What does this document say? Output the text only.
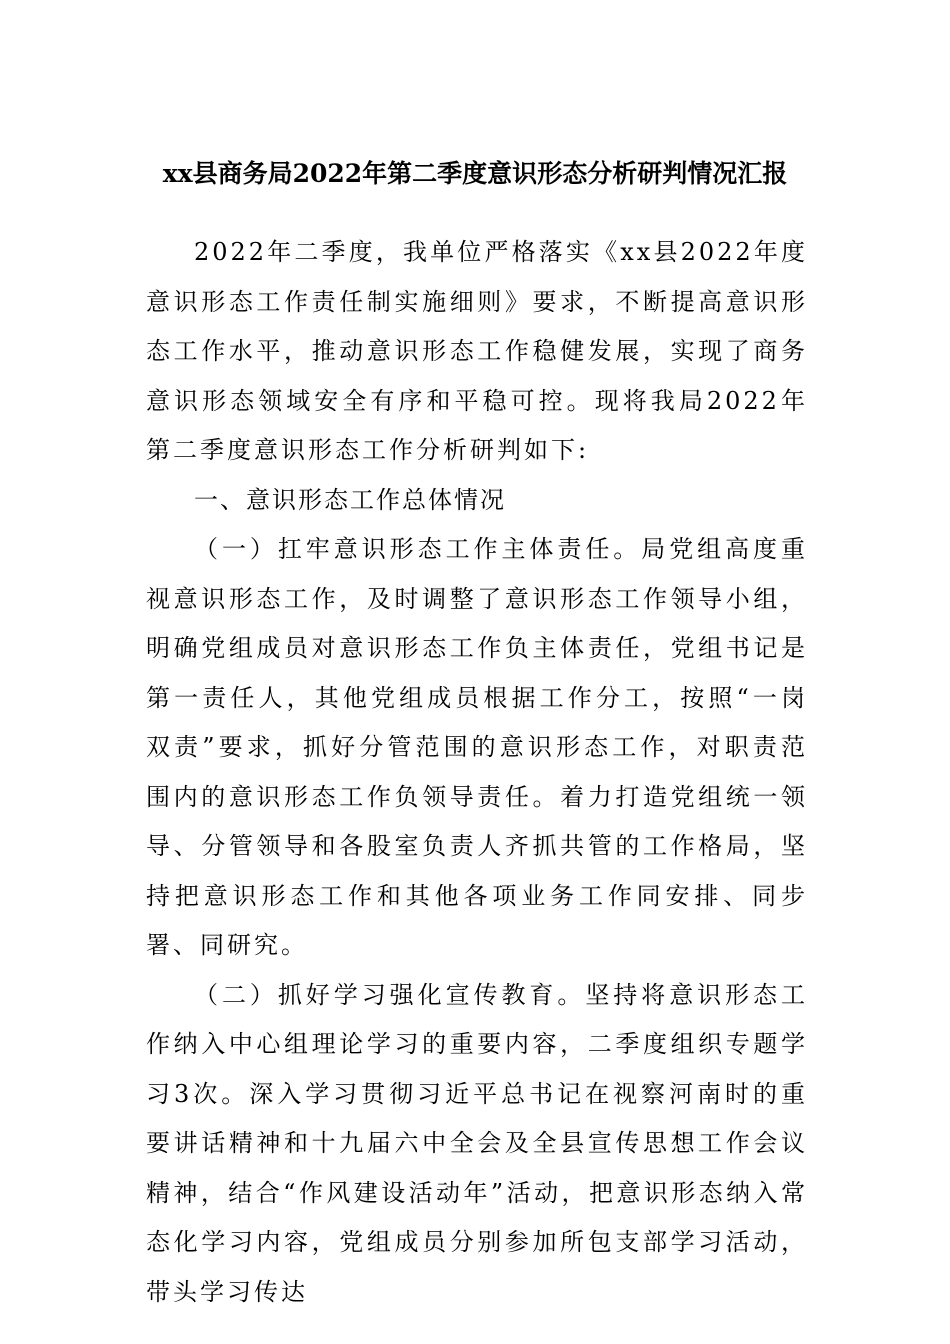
xx县商务局2022年第二季度意识形态分析研判情况汇报

2022年二季度，我单位严格落实《xx县2022年度意识形态工作责任制实施细则》要求，不断提高意识形态工作水平，推动意识形态工作稳健发展，实现了商务意识形态领域安全有序和平稳可控。现将我局2022年第二季度意识形态工作分析研判如下:

一、意识形态工作总体情况

（一）扛牢意识形态工作主体责任。局党组高度重视意识形态工作，及时调整了意识形态工作领导小组，明确党组成员对意识形态工作负主体责任，党组书记是第一责任人，其他党组成员根据工作分工，按照“一岗双责”要求，抓好分管范围的意识形态工作，对职责范围内的意识形态工作负领导责任。着力打造党组统一领导、分管领导和各股室负责人齐抓共管的工作格局，坚持把意识形态工作和其他各项业务工作同安排、同步署、同研究。

（二）抓好学习强化宣传教育。坚持将意识形态工作纳入中心组理论学习的重要内容，二季度组织专题学习3次。深入学习贯彻习近平总书记在视察河南时的重要讲话精神和十九届六中全会及全县宣传思想工作会议精神，结合“作风建设活动年”活动，把意识形态纳入常态化学习内容，党组成员分别参加所包支部学习活动，带头学习传达
